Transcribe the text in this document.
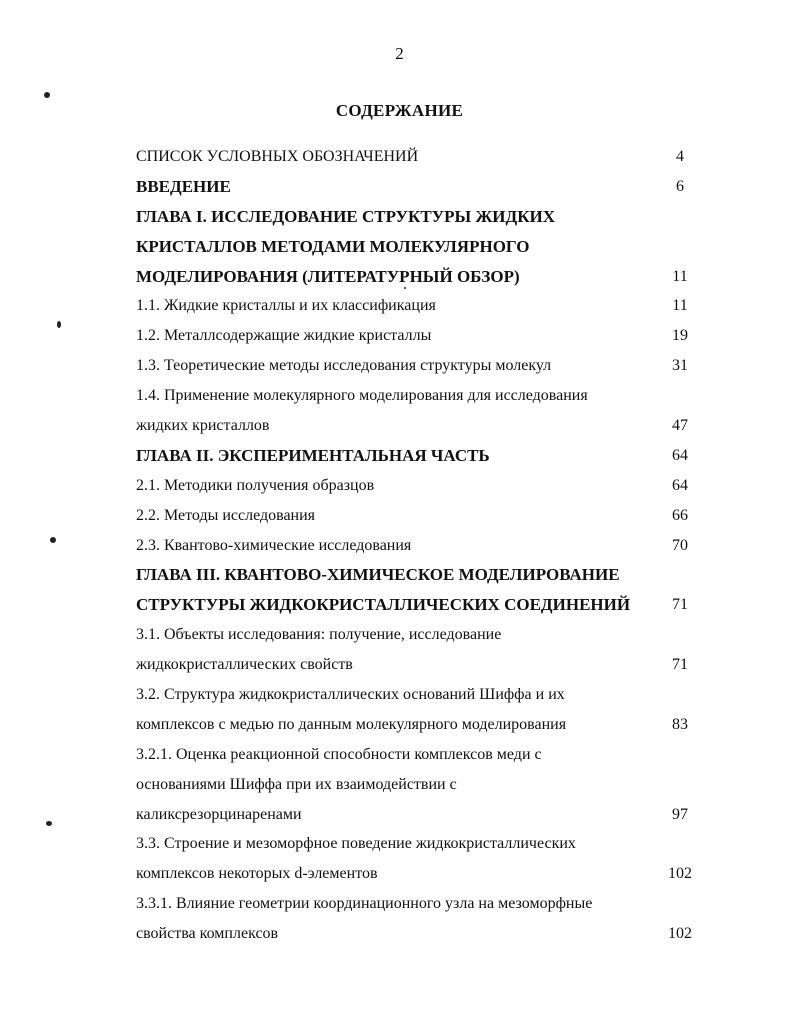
2
СОДЕРЖАНИЕ
СПИСОК УСЛОВНЫХ ОБОЗНАЧЕНИЙ	4
ВВЕДЕНИЕ	6
ГЛАВА I. ИССЛЕДОВАНИЕ СТРУКТУРЫ ЖИДКИХ
КРИСТАЛЛОВ МЕТОДАМИ МОЛЕКУЛЯРНОГО
МОДЕЛИРОВАНИЯ (ЛИТЕРАТУРНЫЙ ОБЗОР)	11
1.1. Жидкие кристаллы и их классификация	11
1.2. Металлсодержащие жидкие кристаллы	19
1.3. Теоретические методы исследования структуры молекул	31
1.4. Применение молекулярного моделирования для исследования
жидких кристаллов	47
ГЛАВА II. ЭКСПЕРИМЕНТАЛЬНАЯ ЧАСТЬ	64
2.1. Методики получения образцов	64
2.2. Методы исследования	66
2.3. Квантово-химические исследования	70
ГЛАВА III. КВАНТОВО-ХИМИЧЕСКОЕ МОДЕЛИРОВАНИЕ
СТРУКТУРЫ ЖИДКОКРИСТАЛЛИЧЕСКИХ СОЕДИНЕНИЙ	71
3.1. Объекты исследования: получение, исследование
жидкокристаллических свойств	71
3.2. Структура жидкокристаллических оснований Шиффа и их
комплексов с медью по данным молекулярного моделирования	83
3.2.1. Оценка реакционной способности комплексов меди с
основаниями Шиффа при их взаимодействии с
каликсрезорцинаренами	97
3.3. Строение и мезоморфное поведение жидкокристаллических
комплексов некоторых d-элементов	102
3.3.1. Влияние геометрии координационного узла на мезоморфные
свойства комплексов	102
